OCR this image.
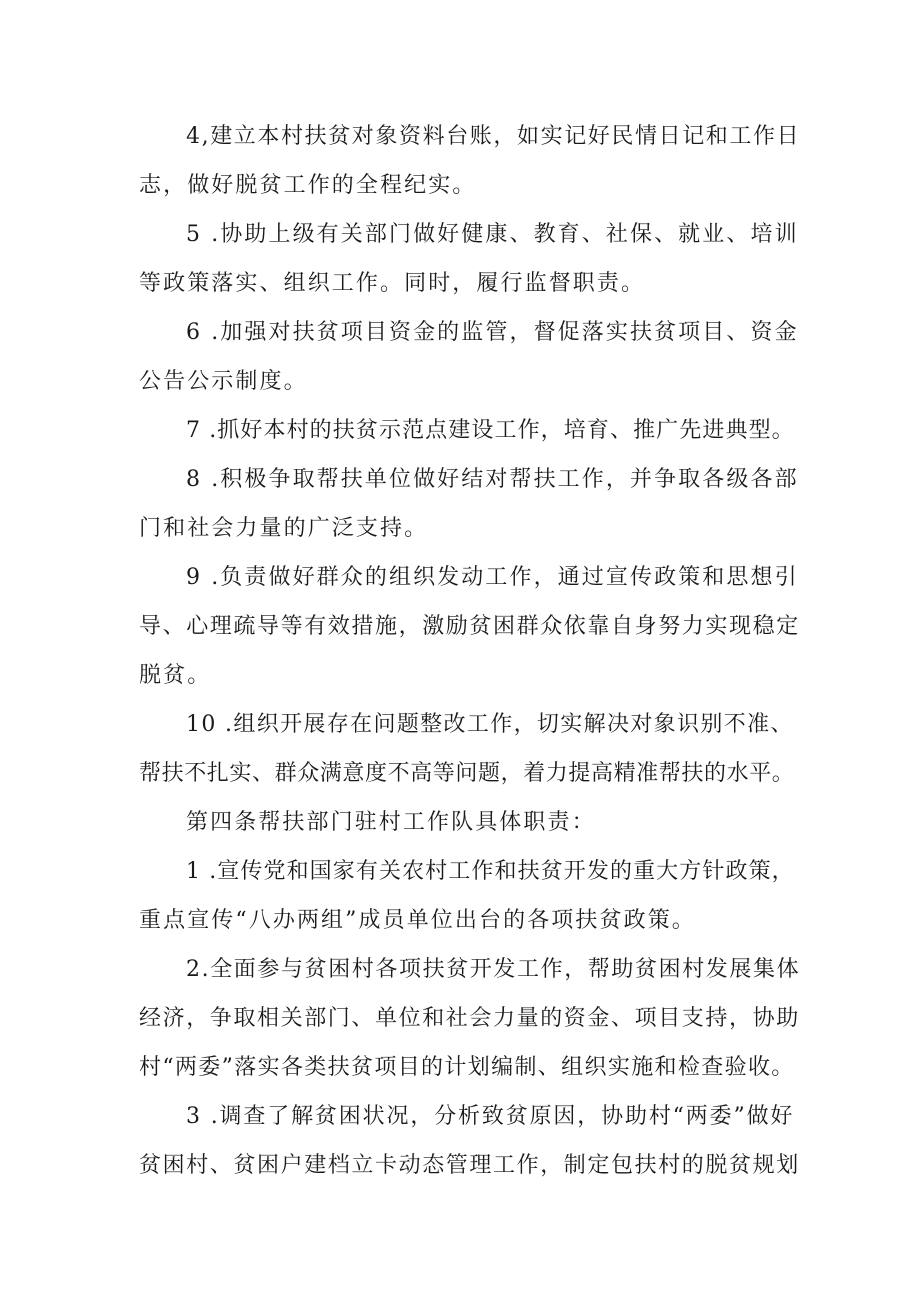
4,建立本村扶贫对象资料台账，如实记好民情日记和工作日
志，做好脱贫工作的全程纪实。
5 .协助上级有关部门做好健康、教育、社保、就业、培训
等政策落实、组织工作。同时，履行监督职责。
6 .加强对扶贫项目资金的监管，督促落实扶贫项目、资金
公告公示制度。
7 .抓好本村的扶贫示范点建设工作，培育、推广先进典型。
8 .积极争取帮扶单位做好结对帮扶工作，并争取各级各部
门和社会力量的广泛支持。
9 .负责做好群众的组织发动工作，通过宣传政策和思想引
导、心理疏导等有效措施，激励贫困群众依靠自身努力实现稳定
脱贫。
10 .组织开展存在问题整改工作，切实解决对象识别不准、
帮扶不扎实、群众满意度不高等问题，着力提高精准帮扶的水平。
第四条帮扶部门驻村工作队具体职责：
1 .宣传党和国家有关农村工作和扶贫开发的重大方针政策，
重点宣传“八办两组”成员单位出台的各项扶贫政策。
2.全面参与贫困村各项扶贫开发工作，帮助贫困村发展集体
经济，争取相关部门、单位和社会力量的资金、项目支持，协助
村“两委”落实各类扶贫项目的计划编制、组织实施和检查验收。
3 .调查了解贫困状况，分析致贫原因，协助村“两委”做好
贫困村、贫困户建档立卡动态管理工作，制定包扶村的脱贫规划
